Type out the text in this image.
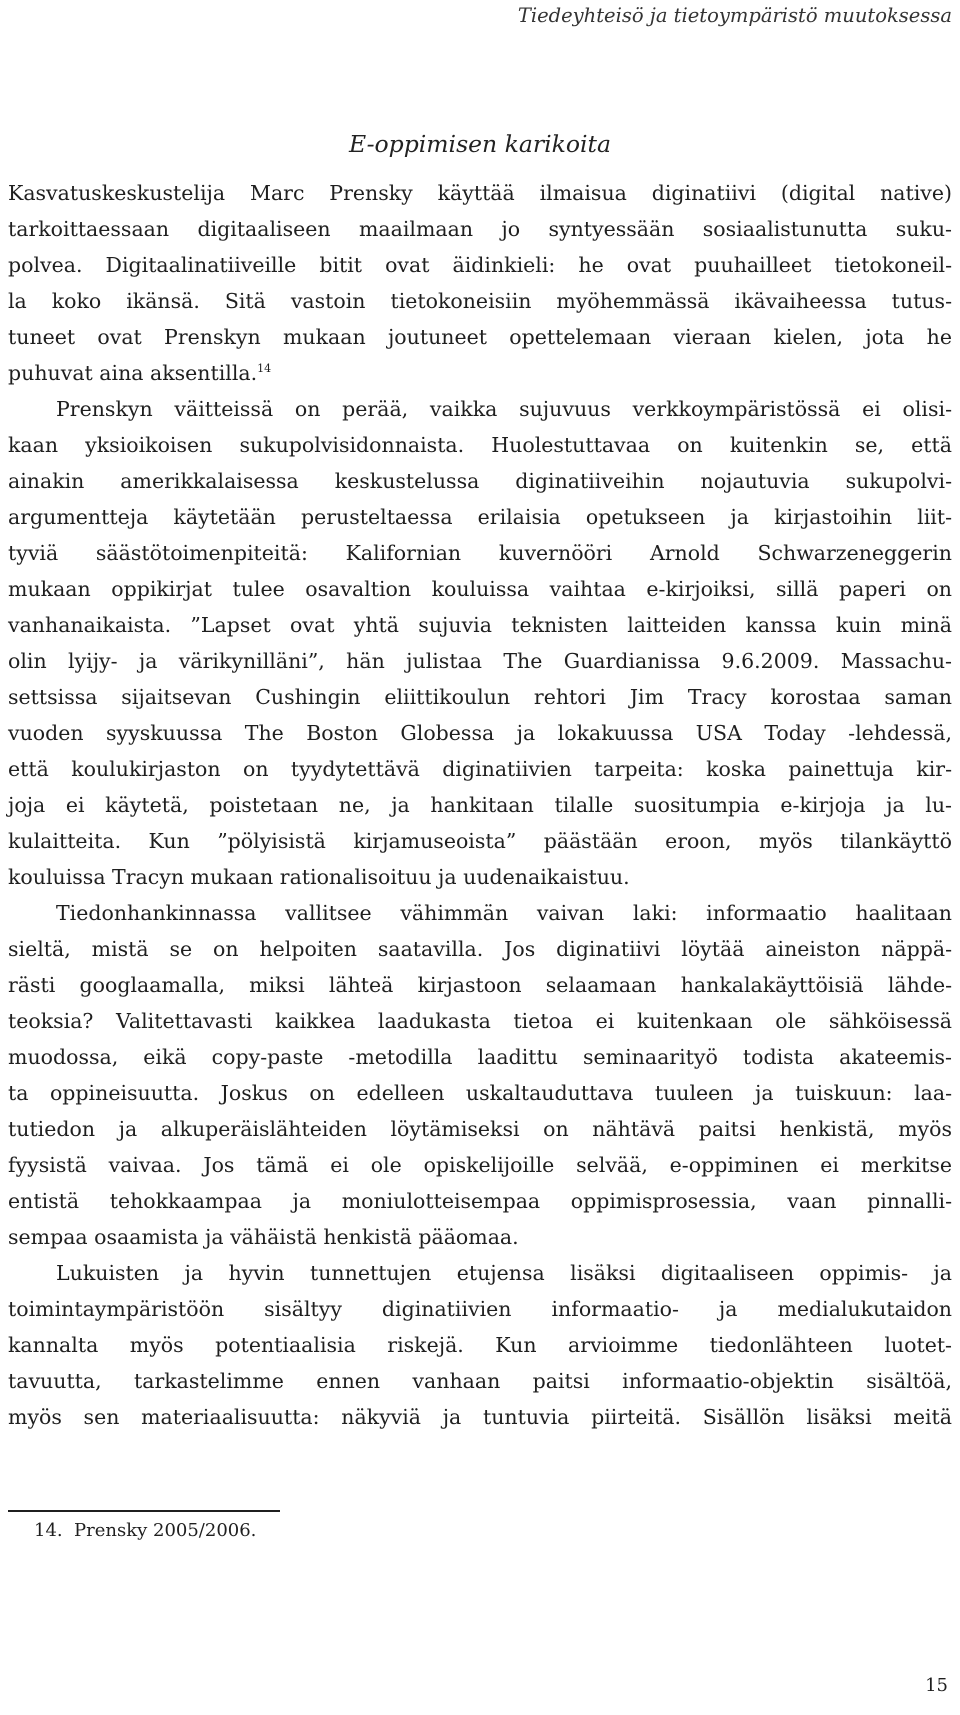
Tiedeyhteisö ja tietoympäristö muutoksessa
E-oppimisen karikoita
Kasvatuskeskustelija Marc Prensky käyttää ilmaisua diginatiivi (digital native)
tarkoittaessaan digitaaliseen maailmaan jo syntyessään sosiaalistunutta suku-
polvea. Digitaalinatiiveille bitit ovat äidinkieli: he ovat puuhailleet tietokoneil-
la koko ikänsä. Sitä vastoin tietokoneisiin myöhemmässä ikävaiheessa tutus-
tuneet ovat Prenskyn mukaan joutuneet opettelemaan vieraan kielen, jota he
puhuvat aina aksentilla.$^{14}$
Prenskyn väitteissä on perää, vaikka sujuvuus verkkoympäristössä ei olisi-
kaan yksioikoisen sukupolvisidonnaista. Huolestuttavaa on kuitenkin se, että
ainakin amerikkalaisessa keskustelussa diginatiiveihin nojautuvia sukupolvi-
argumentteja käytetään perusteltaessa erilaisia opetukseen ja kirjastoihin liit-
tyviä säästötoimenpiteitä: Kalifornian kuvernööri Arnold Schwarzeneggerin
mukaan oppikirjat tulee osavaltion kouluissa vaihtaa e-kirjoiksi, sillä paperi on
vanhanaikaista. ”Lapset ovat yhtä sujuvia teknisten laitteiden kanssa kuin minä
olin lyijy- ja värikynilläni”, hän julistaa The Guardianissa 9.6.2009. Massachu-
settsissa sijaitsevan Cushingin eliittikoulun rehtori Jim Tracy korostaa saman
vuoden syyskuussa The Boston Globessa ja lokakuussa USA Today -lehdessä,
että koulukirjaston on tyydytettävä diginatiivien tarpeita: koska painettuja kir-
joja ei käytetä, poistetaan ne, ja hankitaan tilalle suositumpia e-kirjoja ja lu-
kulaitteita. Kun ”pölyisistä kirjamuseoista” päästään eroon, myös tilankäyttö
kouluissa Tracyn mukaan rationalisoituu ja uudenaikaistuu.
Tiedonhankinnassa vallitsee vähimmän vaivan laki: informaatio haalitaan
sieltä, mistä se on helpoiten saatavilla. Jos diginatiivi löytää aineiston näppä-
rästi googlaamalla, miksi lähteä kirjastoon selaamaan hankalakäyttöisiä lähde-
teoksia? Valitettavasti kaikkea laadukasta tietoa ei kuitenkaan ole sähköisessä
muodossa, eikä copy-paste -metodilla laadittu seminaarityö todista akateemis-
ta oppineisuutta. Joskus on edelleen uskaltauduttava tuuleen ja tuiskuun: laa-
tutiedon ja alkuperäislähteiden löytämiseksi on nähtävä paitsi henkistä, myös
fyysistä vaivaa. Jos tämä ei ole opiskelijoille selvää, e-oppiminen ei merkitse
entistä tehokkaampaa ja moniulotteisempaa oppimisprosessia, vaan pinnalli-
sempaa osaamista ja vähäistä henkistä pääomaa.
Lukuisten ja hyvin tunnettujen etujensa lisäksi digitaaliseen oppimis- ja
toimintaympäristöön sisältyy diginatiivien informaatio- ja medialukutaidon
kannalta myös potentiaalisia riskejä. Kun arvioimme tiedonlähteen luotet-
tavuutta, tarkastelimme ennen vanhaan paitsi informaatio-objektin sisältöä,
myös sen materiaalisuutta: näkyviä ja tuntuvia piirteitä. Sisällön lisäksi meitä
14. Prensky 2005/2006.
15
